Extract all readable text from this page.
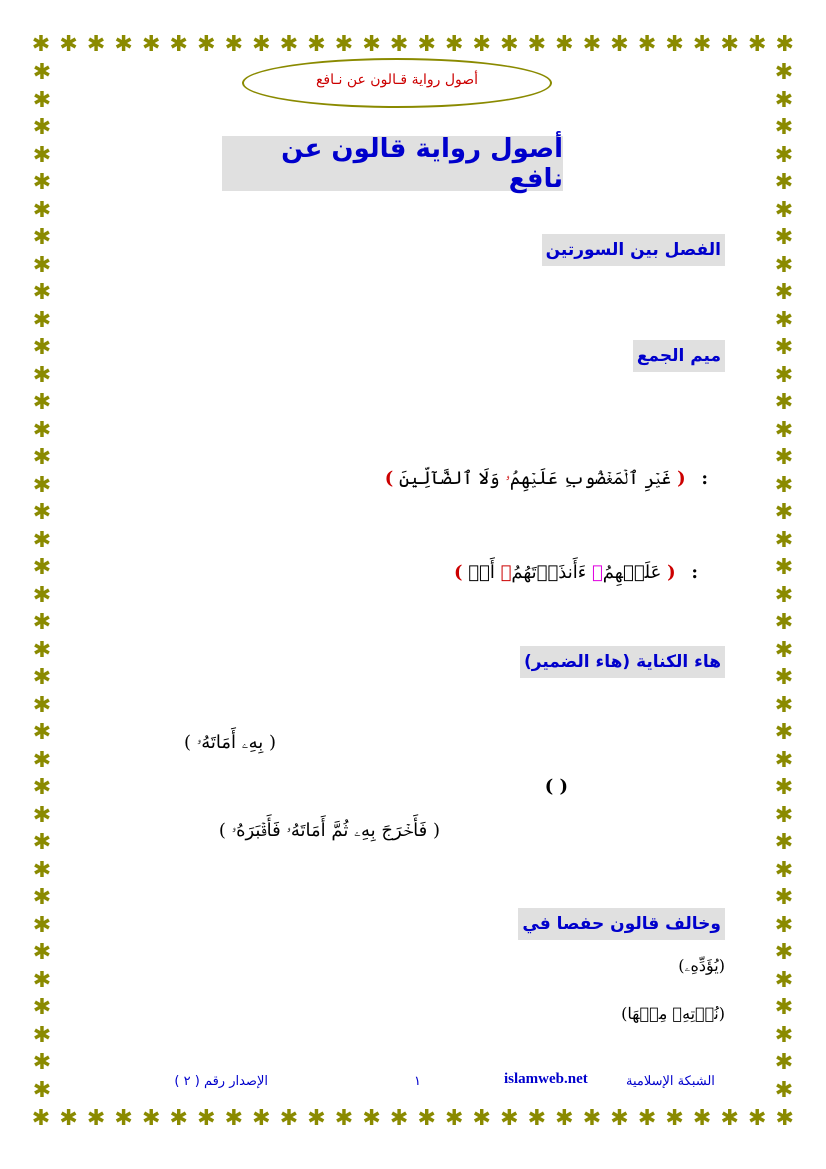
✱ ✱ ✱ ✱ ✱ ✱ ✱ ✱ ✱ ✱ ✱ ✱ ✱ ✱ ✱ ✱ ✱ ✱ ✱ ✱ ✱ ✱ ✱ ✱ ✱ ✱ ✱ ✱
✱ ✱ ✱ ✱ ✱ ✱ ✱ ✱ ✱ ✱ ✱ ✱ ✱ ✱ ✱ ✱ ✱ ✱ ✱ ✱ ✱ ✱ ✱ ✱ ✱ ✱ ✱ ✱
✱
✱
✱
✱
✱
✱
✱
✱
✱
✱
✱
✱
✱
✱
✱
✱
✱
✱
✱
✱
✱
✱
✱
✱
✱
✱
✱
✱
✱
✱
✱
✱
✱
✱
✱
✱
✱
✱
✱
✱
✱
✱
✱
✱
✱
✱
✱
✱
✱
✱
✱
✱
✱
✱
✱
✱
✱
✱
✱
✱
✱
✱
✱
✱
✱
✱
✱
✱
✱
✱
✱
✱
✱
✱
✱
✱
أصول رواية قـالون عن نـافع
أصول رواية قالون عن نافع
الفصل بين السورتين
ميم الجمع
: ( غَيۡرِ ٱلۡمَغۡضُوبِ عَلَيۡهِمُۥ وَلَا ٱلضَّآلِّينَ )
: ( عَلَيۡهِمُۥ ءَأَنذَرۡتَهُمُۥ أَمۡ )
هاء الكناية (هاء الضمير)
( بِهِۦ أَمَاتَهُۥ )
( )
( فَأَخۡرَجَ بِهِۦ ثُمَّ أَمَاتَهُۥ فَأَقۡبَرَهُۥ )
وخالف قالون حفصا في
(يُؤَدِّهِۦ)
(نُؤۡتِهِۦ مِنۡهَا)
الشبكة الإسلامية
islamweb.net
١
الإصدار رقم ( ٢ )
